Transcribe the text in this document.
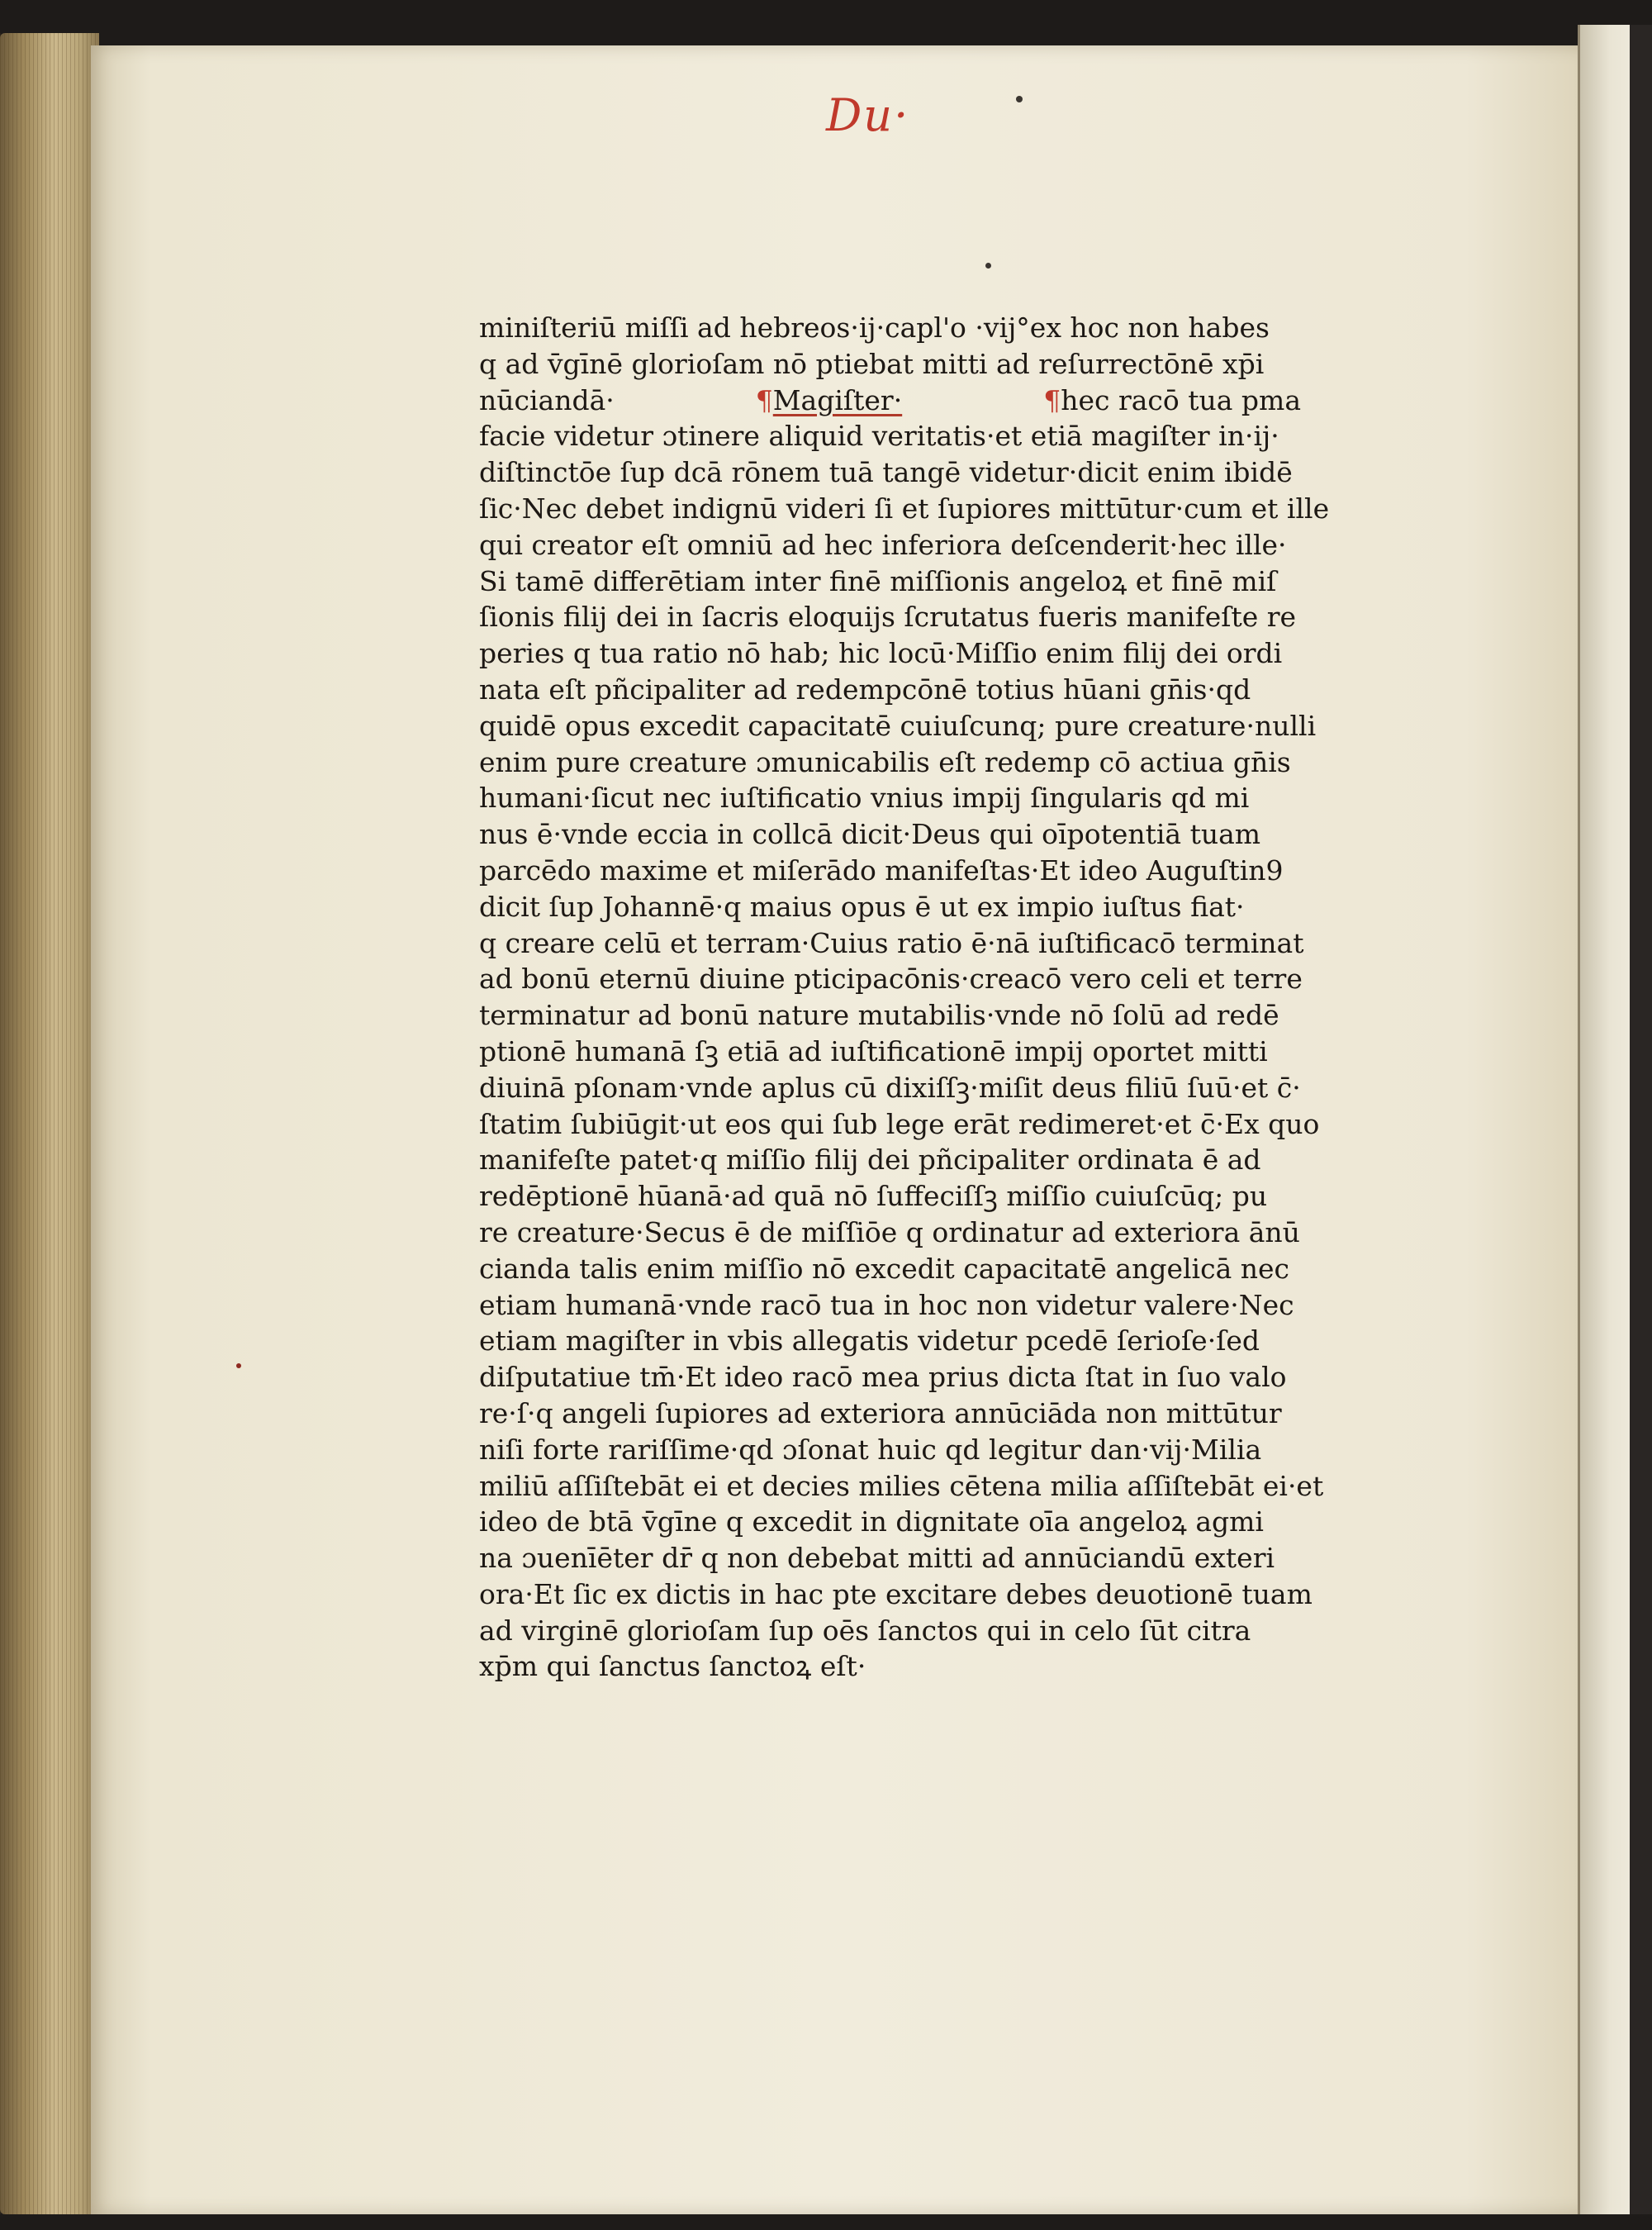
Du·
miniſteriū miſſi ad hebreos·ij·capl'o ·vij°ex hoc non habes
q ad v̄gīnē glorioſam nō ptiebat mitti ad reſurrectōnē xp̄i
nūciandā·	¶Magiſter·	¶hec racō tua pma
facie videtur ɔtinere aliquid veritatis·et etiā magiſter in·ij·
diſtinctōe ſup dcā rōnem tuā tangē videtur·dicit enim ibidē
ſic·Nec debet indignū videri ſi et ſupiores mittūtur·cum et ille
qui creator eſt omniū ad hec inferiora deſcenderit·hec ille·
Si tamē differētiam inter finē miſſionis angeloꝝ et finē miſ
ſionis filij dei in ſacris eloquijs ſcrutatus fueris manifeſte re
peries q tua ratio nō hab; hic locū·Miſſio enim filij dei ordi
nata eſt pñcipaliter ad redempcōnē totius hūani gn̄is·qd
quidē opus excedit capacitatē cuiuſcunq; pure creature·nulli
enim pure creature ɔmunicabilis eſt redemp cō actiua gn̄is
humani·ſicut nec iuſtificatio vnius impij ſingularis qd mi
nus ē·vnde eccia in collcā dicit·Deus qui oīpotentiā tuam
parcēdo maxime et miſerādo manifeſtas·Et ideo Auguſtin9
dicit ſup Johannē·q maius opus ē ut ex impio iuſtus fiat·
q creare celū et terram·Cuius ratio ē·nā iuſtificacō terminat
ad bonū eternū diuine pticipacōnis·creacō vero celi et terre
terminatur ad bonū nature mutabilis·vnde nō ſolū ad redē
ptionē humanā ſꝫ etiā ad iuſtificationē impij oportet mitti
diuinā pſonam·vnde aplus cū dixiſſꝫ·miſit deus filiū ſuū·et c̄·
ſtatim ſubiūgit·ut eos qui ſub lege erāt redimeret·et c̄·Ex quo
manifeſte patet·q miſſio filij dei pñcipaliter ordinata ē ad
redēptionē hūanā·ad quā nō ſuffeciſſꝫ miſſio cuiuſcūq; pu
re creature·Secus ē de miſſiōe q ordinatur ad exteriora ānū
cianda talis enim miſſio nō excedit capacitatē angelicā nec
etiam humanā·vnde racō tua in hoc non videtur valere·Nec
etiam magiſter in vbis allegatis videtur pcedē ſerioſe·ſed
diſputatiue tm̄·Et ideo racō mea prius dicta ſtat in ſuo valo
re·ſ·q angeli ſupiores ad exteriora annūciāda non mittūtur
niſi forte rariſſime·qd ɔſonat huic qd legitur dan·vij·Milia
miliū aſſiſtebāt ei et decies milies cētena milia aſſiſtebāt ei·et
ideo de btā v̄gīne q excedit in dignitate oīa angeloꝝ agmi
na ɔuenīēter dr̄ q non debebat mitti ad annūciandū exteri
ora·Et ſic ex dictis in hac pte excitare debes deuotionē tuam
ad virginē glorioſam ſup oēs ſanctos qui in celo ſūt citra
xp̄m qui ſanctus ſanctoꝝ eſt·
